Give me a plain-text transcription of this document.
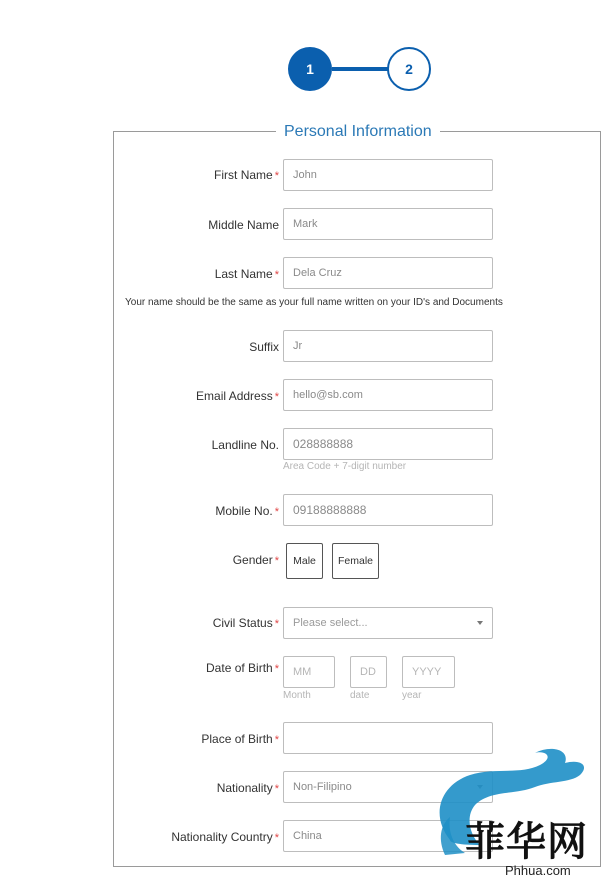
1	2
Personal Information
First Name *	John
Middle Name	Mark
Last Name *	Dela Cruz
Your name should be the same as your full name written on your ID's and Documents
Suffix	Jr
Email Address *	hello@sb.com
Landline No.	028888888
Area Code + 7-digit number
Mobile No. *	09188888888
Gender *	Male	Female
Civil Status * Please select...
Date of Birth *	MM	DD	YYYY
Month	date	year
Place of Birth *
Nationality * Non-Filipino
Nationality Country *	China	菲华网
Phhua.com
